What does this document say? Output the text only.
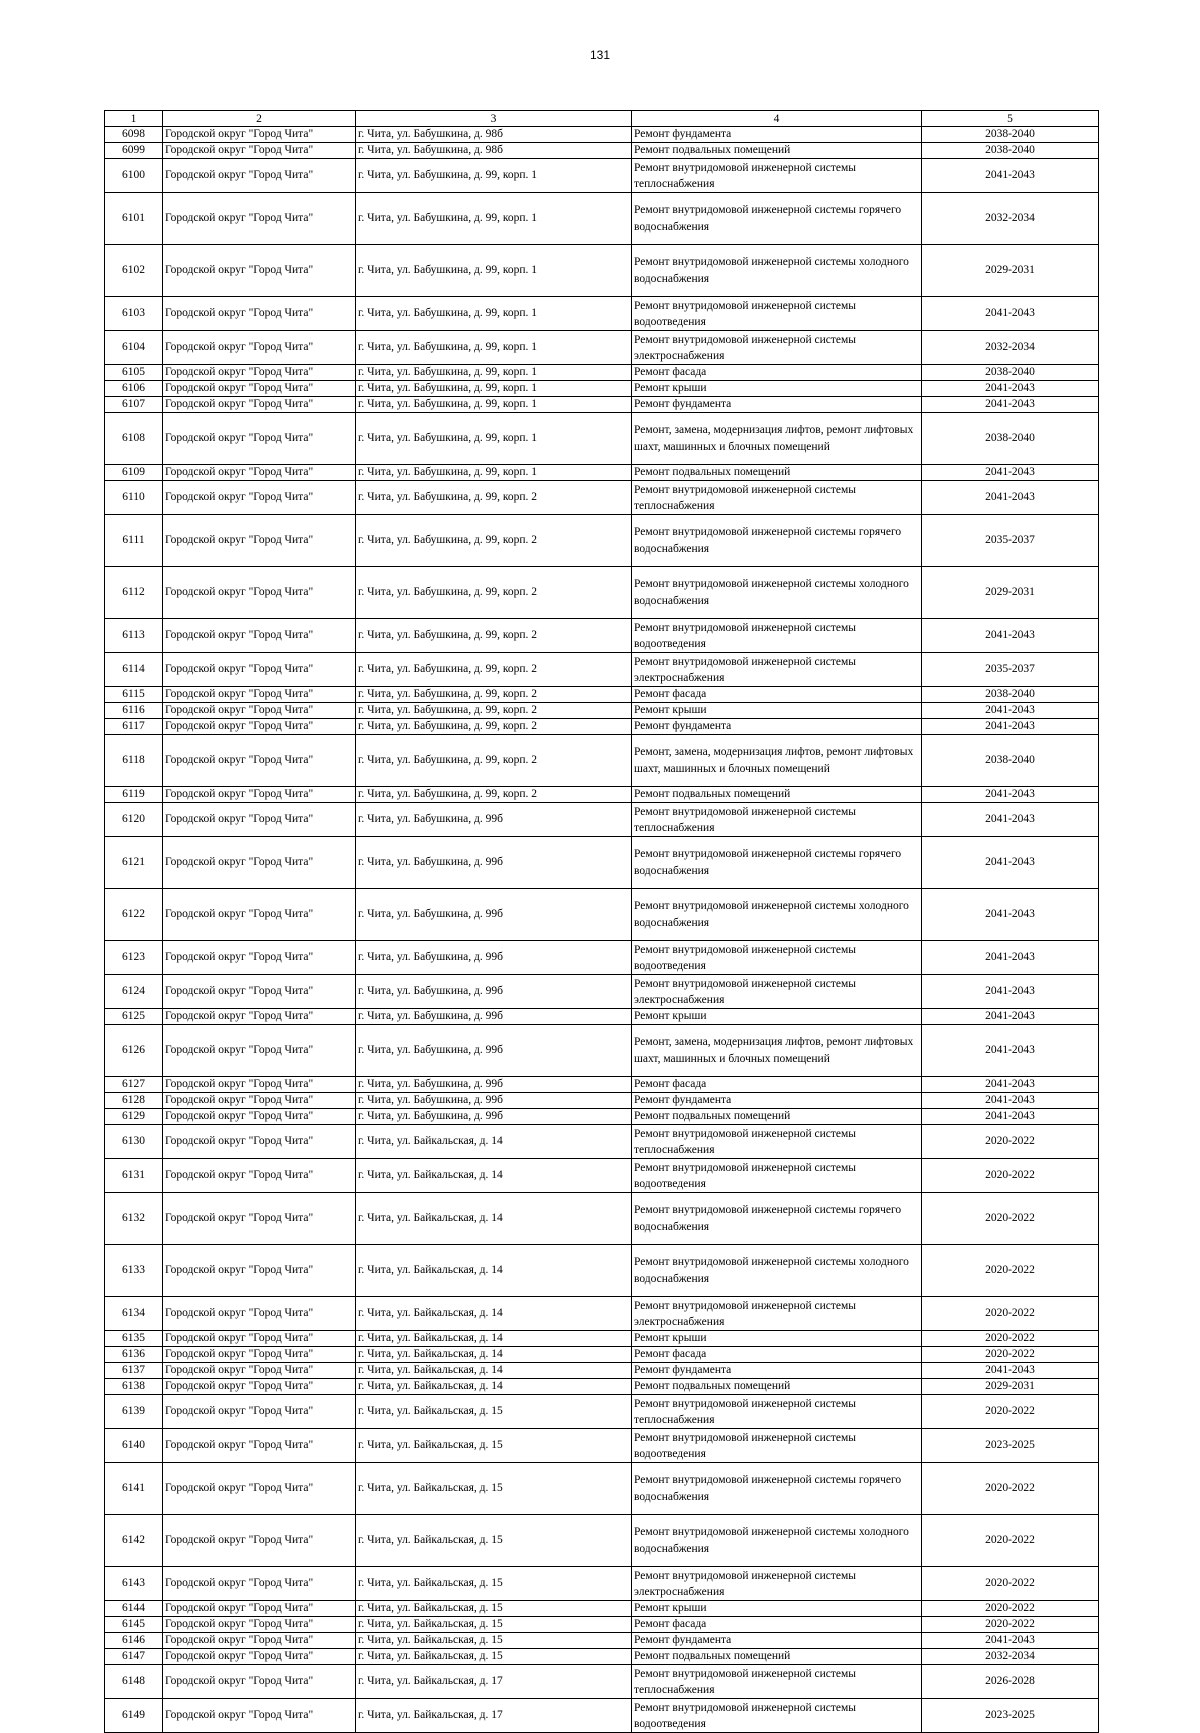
131
1	2	3	4	5
6098	Городской округ "Город Чита"	г. Чита, ул. Бабушкина, д. 98б	Ремонт фундамента	2038-2040
6099	Городской округ "Город Чита"	г. Чита, ул. Бабушкина, д. 98б	Ремонт подвальных помещений	2038-2040
6100	Городской округ "Город Чита"	г. Чита, ул. Бабушкина, д. 99, корп. 1	Ремонт внутридомовой инженерной системы теплоснабжения	2041-2043
6101	Городской округ "Город Чита"	г. Чита, ул. Бабушкина, д. 99, корп. 1	Ремонт внутридомовой инженерной системы горячего водоснабжения	2032-2034
6102	Городской округ "Город Чита"	г. Чита, ул. Бабушкина, д. 99, корп. 1	Ремонт внутридомовой инженерной системы холодного водоснабжения	2029-2031
6103	Городской округ "Город Чита"	г. Чита, ул. Бабушкина, д. 99, корп. 1	Ремонт внутридомовой инженерной системы водоотведения	2041-2043
6104	Городской округ "Город Чита"	г. Чита, ул. Бабушкина, д. 99, корп. 1	Ремонт внутридомовой инженерной системы электроснабжения	2032-2034
6105	Городской округ "Город Чита"	г. Чита, ул. Бабушкина, д. 99, корп. 1	Ремонт фасада	2038-2040
6106	Городской округ "Город Чита"	г. Чита, ул. Бабушкина, д. 99, корп. 1	Ремонт крыши	2041-2043
6107	Городской округ "Город Чита"	г. Чита, ул. Бабушкина, д. 99, корп. 1	Ремонт фундамента	2041-2043
6108	Городской округ "Город Чита"	г. Чита, ул. Бабушкина, д. 99, корп. 1	Ремонт, замена, модернизация лифтов, ремонт лифтовых шахт, машинных и блочных помещений	2038-2040
6109	Городской округ "Город Чита"	г. Чита, ул. Бабушкина, д. 99, корп. 1	Ремонт подвальных помещений	2041-2043
6110	Городской округ "Город Чита"	г. Чита, ул. Бабушкина, д. 99, корп. 2	Ремонт внутридомовой инженерной системы теплоснабжения	2041-2043
6111	Городской округ "Город Чита"	г. Чита, ул. Бабушкина, д. 99, корп. 2	Ремонт внутридомовой инженерной системы горячего водоснабжения	2035-2037
6112	Городской округ "Город Чита"	г. Чита, ул. Бабушкина, д. 99, корп. 2	Ремонт внутридомовой инженерной системы холодного водоснабжения	2029-2031
6113	Городской округ "Город Чита"	г. Чита, ул. Бабушкина, д. 99, корп. 2	Ремонт внутридомовой инженерной системы водоотведения	2041-2043
6114	Городской округ "Город Чита"	г. Чита, ул. Бабушкина, д. 99, корп. 2	Ремонт внутридомовой инженерной системы электроснабжения	2035-2037
6115	Городской округ "Город Чита"	г. Чита, ул. Бабушкина, д. 99, корп. 2	Ремонт фасада	2038-2040
6116	Городской округ "Город Чита"	г. Чита, ул. Бабушкина, д. 99, корп. 2	Ремонт крыши	2041-2043
6117	Городской округ "Город Чита"	г. Чита, ул. Бабушкина, д. 99, корп. 2	Ремонт фундамента	2041-2043
6118	Городской округ "Город Чита"	г. Чита, ул. Бабушкина, д. 99, корп. 2	Ремонт, замена, модернизация лифтов, ремонт лифтовых шахт, машинных и блочных помещений	2038-2040
6119	Городской округ "Город Чита"	г. Чита, ул. Бабушкина, д. 99, корп. 2	Ремонт подвальных помещений	2041-2043
6120	Городской округ "Город Чита"	г. Чита, ул. Бабушкина, д. 99б	Ремонт внутридомовой инженерной системы теплоснабжения	2041-2043
6121	Городской округ "Город Чита"	г. Чита, ул. Бабушкина, д. 99б	Ремонт внутридомовой инженерной системы горячего водоснабжения	2041-2043
6122	Городской округ "Город Чита"	г. Чита, ул. Бабушкина, д. 99б	Ремонт внутридомовой инженерной системы холодного водоснабжения	2041-2043
6123	Городской округ "Город Чита"	г. Чита, ул. Бабушкина, д. 99б	Ремонт внутридомовой инженерной системы водоотведения	2041-2043
6124	Городской округ "Город Чита"	г. Чита, ул. Бабушкина, д. 99б	Ремонт внутридомовой инженерной системы электроснабжения	2041-2043
6125	Городской округ "Город Чита"	г. Чита, ул. Бабушкина, д. 99б	Ремонт крыши	2041-2043
6126	Городской округ "Город Чита"	г. Чита, ул. Бабушкина, д. 99б	Ремонт, замена, модернизация лифтов, ремонт лифтовых шахт, машинных и блочных помещений	2041-2043
6127	Городской округ "Город Чита"	г. Чита, ул. Бабушкина, д. 99б	Ремонт фасада	2041-2043
6128	Городской округ "Город Чита"	г. Чита, ул. Бабушкина, д. 99б	Ремонт фундамента	2041-2043
6129	Городской округ "Город Чита"	г. Чита, ул. Бабушкина, д. 99б	Ремонт подвальных помещений	2041-2043
6130	Городской округ "Город Чита"	г. Чита, ул. Байкальская, д. 14	Ремонт внутридомовой инженерной системы теплоснабжения	2020-2022
6131	Городской округ "Город Чита"	г. Чита, ул. Байкальская, д. 14	Ремонт внутридомовой инженерной системы водоотведения	2020-2022
6132	Городской округ "Город Чита"	г. Чита, ул. Байкальская, д. 14	Ремонт внутридомовой инженерной системы горячего водоснабжения	2020-2022
6133	Городской округ "Город Чита"	г. Чита, ул. Байкальская, д. 14	Ремонт внутридомовой инженерной системы холодного водоснабжения	2020-2022
6134	Городской округ "Город Чита"	г. Чита, ул. Байкальская, д. 14	Ремонт внутридомовой инженерной системы электроснабжения	2020-2022
6135	Городской округ "Город Чита"	г. Чита, ул. Байкальская, д. 14	Ремонт крыши	2020-2022
6136	Городской округ "Город Чита"	г. Чита, ул. Байкальская, д. 14	Ремонт фасада	2020-2022
6137	Городской округ "Город Чита"	г. Чита, ул. Байкальская, д. 14	Ремонт фундамента	2041-2043
6138	Городской округ "Город Чита"	г. Чита, ул. Байкальская, д. 14	Ремонт подвальных помещений	2029-2031
6139	Городской округ "Город Чита"	г. Чита, ул. Байкальская, д. 15	Ремонт внутридомовой инженерной системы теплоснабжения	2020-2022
6140	Городской округ "Город Чита"	г. Чита, ул. Байкальская, д. 15	Ремонт внутридомовой инженерной системы водоотведения	2023-2025
6141	Городской округ "Город Чита"	г. Чита, ул. Байкальская, д. 15	Ремонт внутридомовой инженерной системы горячего водоснабжения	2020-2022
6142	Городской округ "Город Чита"	г. Чита, ул. Байкальская, д. 15	Ремонт внутридомовой инженерной системы холодного водоснабжения	2020-2022
6143	Городской округ "Город Чита"	г. Чита, ул. Байкальская, д. 15	Ремонт внутридомовой инженерной системы электроснабжения	2020-2022
6144	Городской округ "Город Чита"	г. Чита, ул. Байкальская, д. 15	Ремонт крыши	2020-2022
6145	Городской округ "Город Чита"	г. Чита, ул. Байкальская, д. 15	Ремонт фасада	2020-2022
6146	Городской округ "Город Чита"	г. Чита, ул. Байкальская, д. 15	Ремонт фундамента	2041-2043
6147	Городской округ "Город Чита"	г. Чита, ул. Байкальская, д. 15	Ремонт подвальных помещений	2032-2034
6148	Городской округ "Город Чита"	г. Чита, ул. Байкальская, д. 17	Ремонт внутридомовой инженерной системы теплоснабжения	2026-2028
6149	Городской округ "Город Чита"	г. Чита, ул. Байкальская, д. 17	Ремонт внутридомовой инженерной системы водоотведения	2023-2025
